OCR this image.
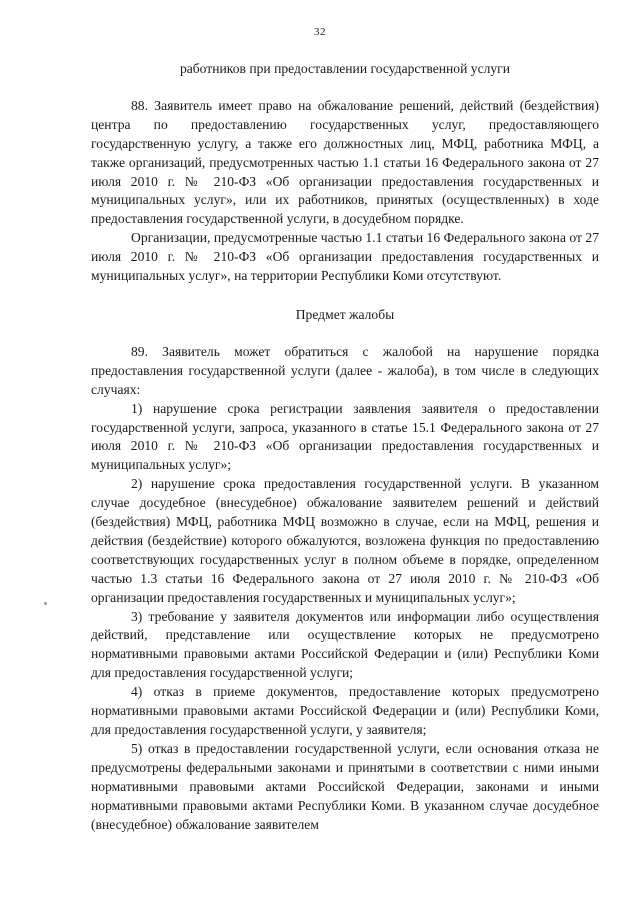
32

работников при предоставлении государственной услуги

88. Заявитель имеет право на обжалование решений, действий (бездействия) центра по предоставлению государственных услуг, предоставляющего государственную услугу, а также его должностных лиц, МФЦ, работника МФЦ, а также организаций, предусмотренных частью 1.1 статьи 16 Федерального закона от 27 июля 2010 г. № 210-ФЗ «Об организации предоставления государственных и муниципальных услуг», или их работников, принятых (осуществленных) в ходе предоставления государственной услуги, в досудебном порядке.

Организации, предусмотренные частью 1.1 статьи 16 Федерального закона от 27 июля 2010 г. № 210-ФЗ «Об организации предоставления государственных и муниципальных услуг», на территории Республики Коми отсутствуют.

Предмет жалобы

89. Заявитель может обратиться с жалобой на нарушение порядка предоставления государственной услуги (далее - жалоба), в том числе в следующих случаях:

1) нарушение срока регистрации заявления заявителя о предоставлении государственной услуги, запроса, указанного в статье 15.1 Федерального закона от 27 июля 2010 г. № 210-ФЗ «Об организации предоставления государственных и муниципальных услуг»;

2) нарушение срока предоставления государственной услуги. В указанном случае досудебное (внесудебное) обжалование заявителем решений и действий (бездействия) МФЦ, работника МФЦ возможно в случае, если на МФЦ, решения и действия (бездействие) которого обжалуются, возложена функция по предоставлению соответствующих государственных услуг в полном объеме в порядке, определенном частью 1.3 статьи 16 Федерального закона от 27 июля 2010 г. № 210-ФЗ «Об организации предоставления государственных и муниципальных услуг»;

3) требование у заявителя документов или информации либо осуществления действий, представление или осуществление которых не предусмотрено нормативными правовыми актами Российской Федерации и (или) Республики Коми для предоставления государственной услуги;

4) отказ в приеме документов, предоставление которых предусмотрено нормативными правовыми актами Российской Федерации и (или) Республики Коми, для предоставления государственной услуги, у заявителя;

5) отказ в предоставлении государственной услуги, если основания отказа не предусмотрены федеральными законами и принятыми в соответствии с ними иными нормативными правовыми актами Российской Федерации, законами и иными нормативными правовыми актами Республики Коми. В указанном случае досудебное (внесудебное) обжалование заявителем
